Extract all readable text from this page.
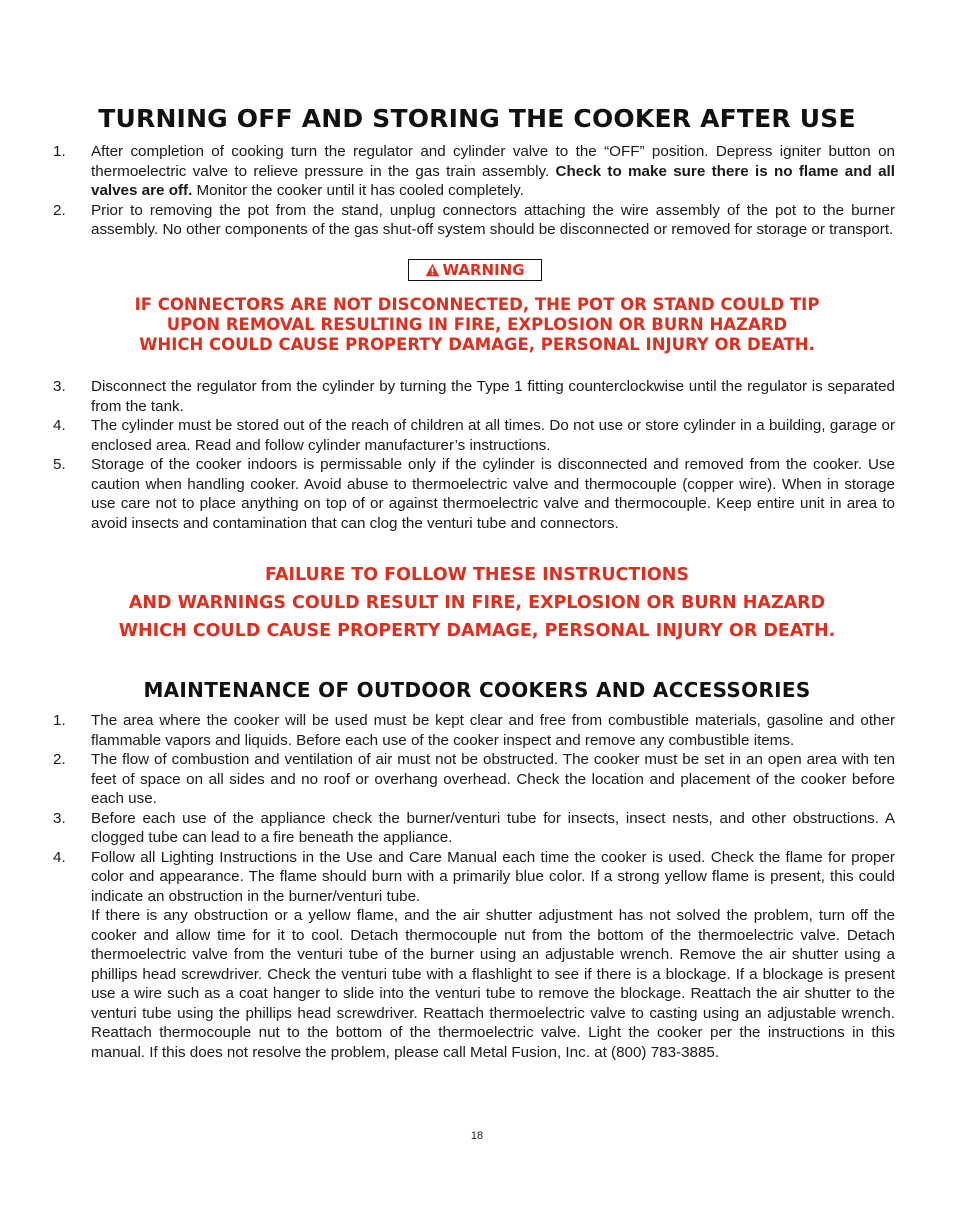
TURNING OFF AND STORING THE COOKER AFTER USE
1.	After completion of cooking turn the regulator and cylinder valve to the “OFF” position. Depress igniter button on thermoelectric valve to relieve pressure in the gas train assembly. Check to make sure there is no flame and all valves are off. Monitor the cooker until it has cooled completely.
2.	Prior to removing the pot from the stand, unplug connectors attaching the wire assembly of the pot to the burner assembly. No other components of the gas shut-off system should be disconnected or removed for storage or transport.
WARNING

IF CONNECTORS ARE NOT DISCONNECTED, THE POT OR STAND COULD TIP
UPON REMOVAL RESULTING IN FIRE, EXPLOSION OR BURN HAZARD
WHICH COULD CAUSE PROPERTY DAMAGE, PERSONAL INJURY OR DEATH.

3.	Disconnect the regulator from the cylinder by turning the Type 1 fitting counterclockwise until the regulator is separated from the tank.
4.	The cylinder must be stored out of the reach of children at all times. Do not use or store cylinder in a building, garage or enclosed area. Read and follow cylinder manufacturer’s instructions.
5.	Storage of the cooker indoors is permissable only if the cylinder is disconnected and removed from the cooker. Use caution when handling cooker. Avoid abuse to thermoelectric valve and thermocouple (copper wire). When in storage use care not to place anything on top of or against thermoelectric valve and thermocouple. Keep entire unit in area to avoid insects and contamination that can clog the venturi tube and connectors.

FAILURE TO FOLLOW THESE INSTRUCTIONS
AND WARNINGS COULD RESULT IN FIRE, EXPLOSION OR BURN HAZARD
WHICH COULD CAUSE PROPERTY DAMAGE, PERSONAL INJURY OR DEATH.

MAINTENANCE OF OUTDOOR COOKERS AND ACCESSORIES
1.	The area where the cooker will be used must be kept clear and free from combustible materials, gasoline and other flammable vapors and liquids. Before each use of the cooker inspect and remove any combustible items.
2.	The flow of combustion and ventilation of air must not be obstructed. The cooker must be set in an open area with ten feet of space on all sides and no roof or overhang overhead. Check the location and placement of the cooker before each use.
3.	Before each use of the appliance check the burner/venturi tube for insects, insect nests, and other obstructions. A clogged tube can lead to a fire beneath the appliance.
4.	Follow all Lighting Instructions in the Use and Care Manual each time the cooker is used. Check the flame for proper color and appearance. The flame should burn with a primarily blue color. If a strong yellow flame is present, this could indicate an obstruction in the burner/venturi tube.
If there is any obstruction or a yellow flame, and the air shutter adjustment has not solved the problem, turn off the cooker and allow time for it to cool. Detach thermocouple nut from the bottom of the thermoelectric valve. Detach thermoelectric valve from the venturi tube of the burner using an adjustable wrench. Remove the air shutter using a phillips head screwdriver. Check the venturi tube with a flashlight to see if there is a blockage. If a blockage is present use a wire such as a coat hanger to slide into the venturi tube to remove the blockage. Reattach the air shutter to the venturi tube using the phillips head screwdriver. Reattach thermoelectric valve to casting using an adjustable wrench. Reattach thermocouple nut to the bottom of the thermoelectric valve. Light the cooker per the instructions in this manual. If this does not resolve the problem, please call Metal Fusion, Inc. at (800) 783-3885.
18
